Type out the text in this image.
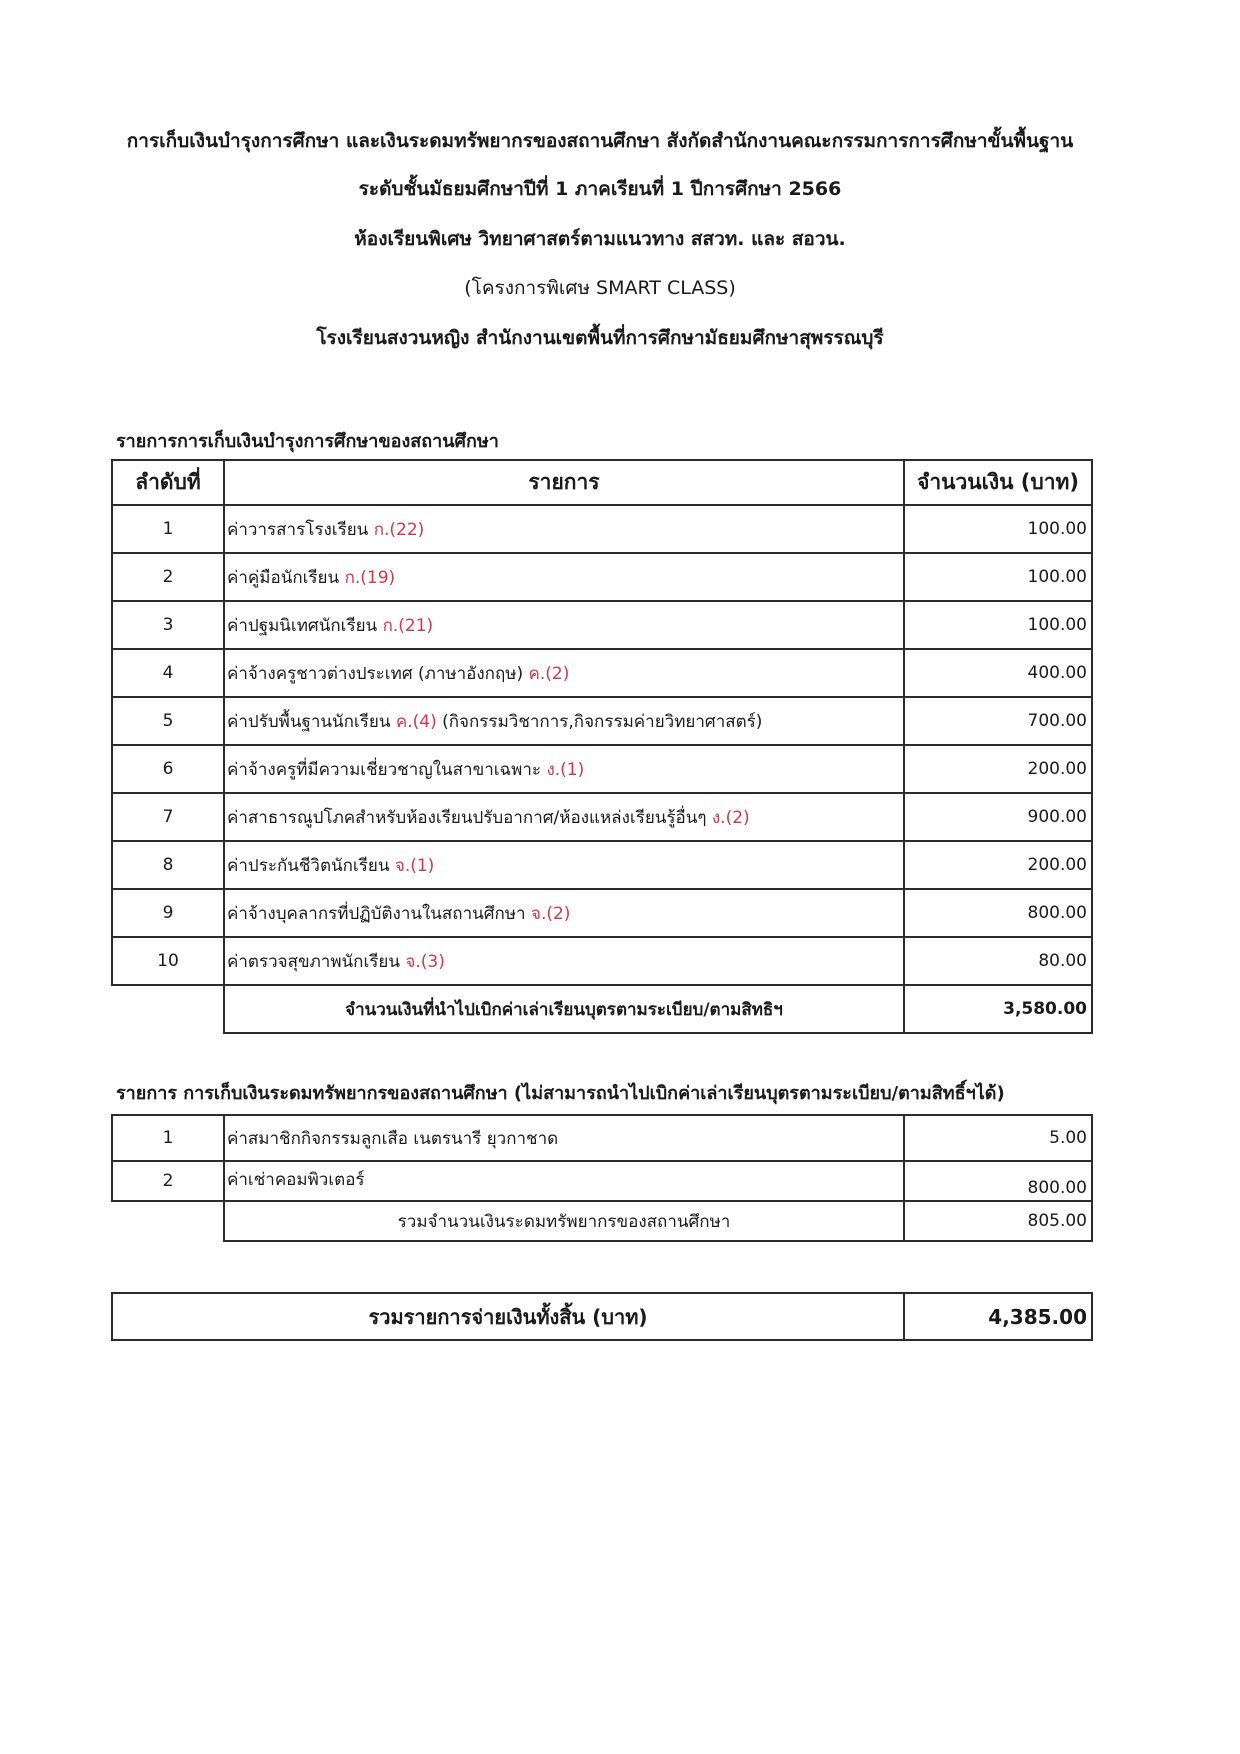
การเก็บเงินบำรุงการศึกษา และเงินระดมทรัพยากรของสถานศึกษา สังกัดสำนักงานคณะกรรมการการศึกษาขั้นพื้นฐาน
ระดับชั้นมัธยมศึกษาปีที่ 1 ภาคเรียนที่ 1 ปีการศึกษา 2566
ห้องเรียนพิเศษ วิทยาศาสตร์ตามแนวทาง สสวท. และ สอวน.
(โครงการพิเศษ SMART CLASS)
โรงเรียนสงวนหญิง สำนักงานเขตพื้นที่การศึกษามัธยมศึกษาสุพรรณบุรี
รายการการเก็บเงินบำรุงการศึกษาของสถานศึกษา
ลำดับที่	รายการ	จำนวนเงิน (บาท)
1	ค่าวารสารโรงเรียน ก.(22)	100.00
2	ค่าคู่มือนักเรียน ก.(19)	100.00
3	ค่าปฐมนิเทศนักเรียน ก.(21)	100.00
4	ค่าจ้างครูชาวต่างประเทศ (ภาษาอังกฤษ) ค.(2)	400.00
5	ค่าปรับพื้นฐานนักเรียน ค.(4) (กิจกรรมวิชาการ,กิจกรรมค่ายวิทยาศาสตร์)	700.00
6	ค่าจ้างครูที่มีความเชี่ยวชาญในสาขาเฉพาะ ง.(1)	200.00
7	ค่าสาธารณูปโภคสำหรับห้องเรียนปรับอากาศ/ห้องแหล่งเรียนรู้อื่นๆ ง.(2)	900.00
8	ค่าประกันชีวิตนักเรียน จ.(1)	200.00
9	ค่าจ้างบุคลากรที่ปฏิบัติงานในสถานศึกษา จ.(2)	800.00
10	ค่าตรวจสุขภาพนักเรียน จ.(3)	80.00
	จำนวนเงินที่นำไปเบิกค่าเล่าเรียนบุตรตามระเบียบ/ตามสิทธิฯ	3,580.00
รายการ การเก็บเงินระดมทรัพยากรของสถานศึกษา (ไม่สามารถนำไปเบิกค่าเล่าเรียนบุตรตามระเบียบ/ตามสิทธิ์ฯได้)
1	ค่าสมาชิกกิจกรรมลูกเสือ เนตรนารี ยุวกาชาด	5.00
2	ค่าเช่าคอมพิวเตอร์	800.00
	รวมจำนวนเงินระดมทรัพยากรของสถานศึกษา	805.00
รวมรายการจ่ายเงินทั้งสิ้น (บาท)	4,385.00
